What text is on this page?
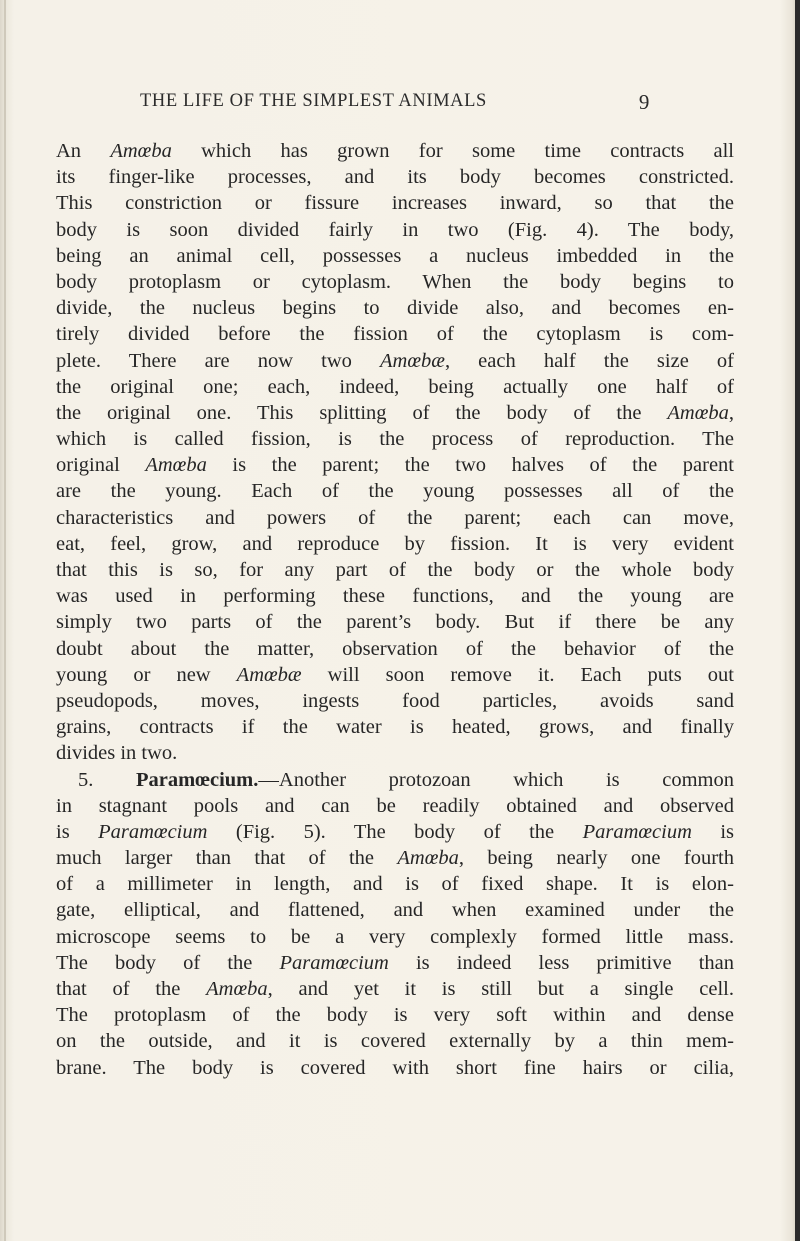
THE LIFE OF THE SIMPLEST ANIMALS	9
An Amœba which has grown for some time contracts all
its finger-like processes, and its body becomes constricted.
This constriction or fissure increases inward, so that the
body is soon divided fairly in two (Fig. 4). The body,
being an animal cell, possesses a nucleus imbedded in the
body protoplasm or cytoplasm. When the body begins to
divide, the nucleus begins to divide also, and becomes en-
tirely divided before the fission of the cytoplasm is com-
plete. There are now two Amœbæ, each half the size of
the original one; each, indeed, being actually one half of
the original one. This splitting of the body of the Amœba,
which is called fission, is the process of reproduction. The
original Amœba is the parent; the two halves of the parent
are the young. Each of the young possesses all of the
characteristics and powers of the parent; each can move,
eat, feel, grow, and reproduce by fission. It is very evident
that this is so, for any part of the body or the whole body
was used in performing these functions, and the young are
simply two parts of the parent’s body. But if there be any
doubt about the matter, observation of the behavior of the
young or new Amœbæ will soon remove it. Each puts out
pseudopods, moves, ingests food particles, avoids sand
grains, contracts if the water is heated, grows, and finally
divides in two.
5. Paramœcium.—Another protozoan which is common
in stagnant pools and can be readily obtained and observed
is Paramœcium (Fig. 5). The body of the Paramœcium is
much larger than that of the Amœba, being nearly one fourth
of a millimeter in length, and is of fixed shape. It is elon-
gate, elliptical, and flattened, and when examined under the
microscope seems to be a very complexly formed little mass.
The body of the Paramœcium is indeed less primitive than
that of the Amœba, and yet it is still but a single cell.
The protoplasm of the body is very soft within and dense
on the outside, and it is covered externally by a thin mem-
brane. The body is covered with short fine hairs or cilia,
